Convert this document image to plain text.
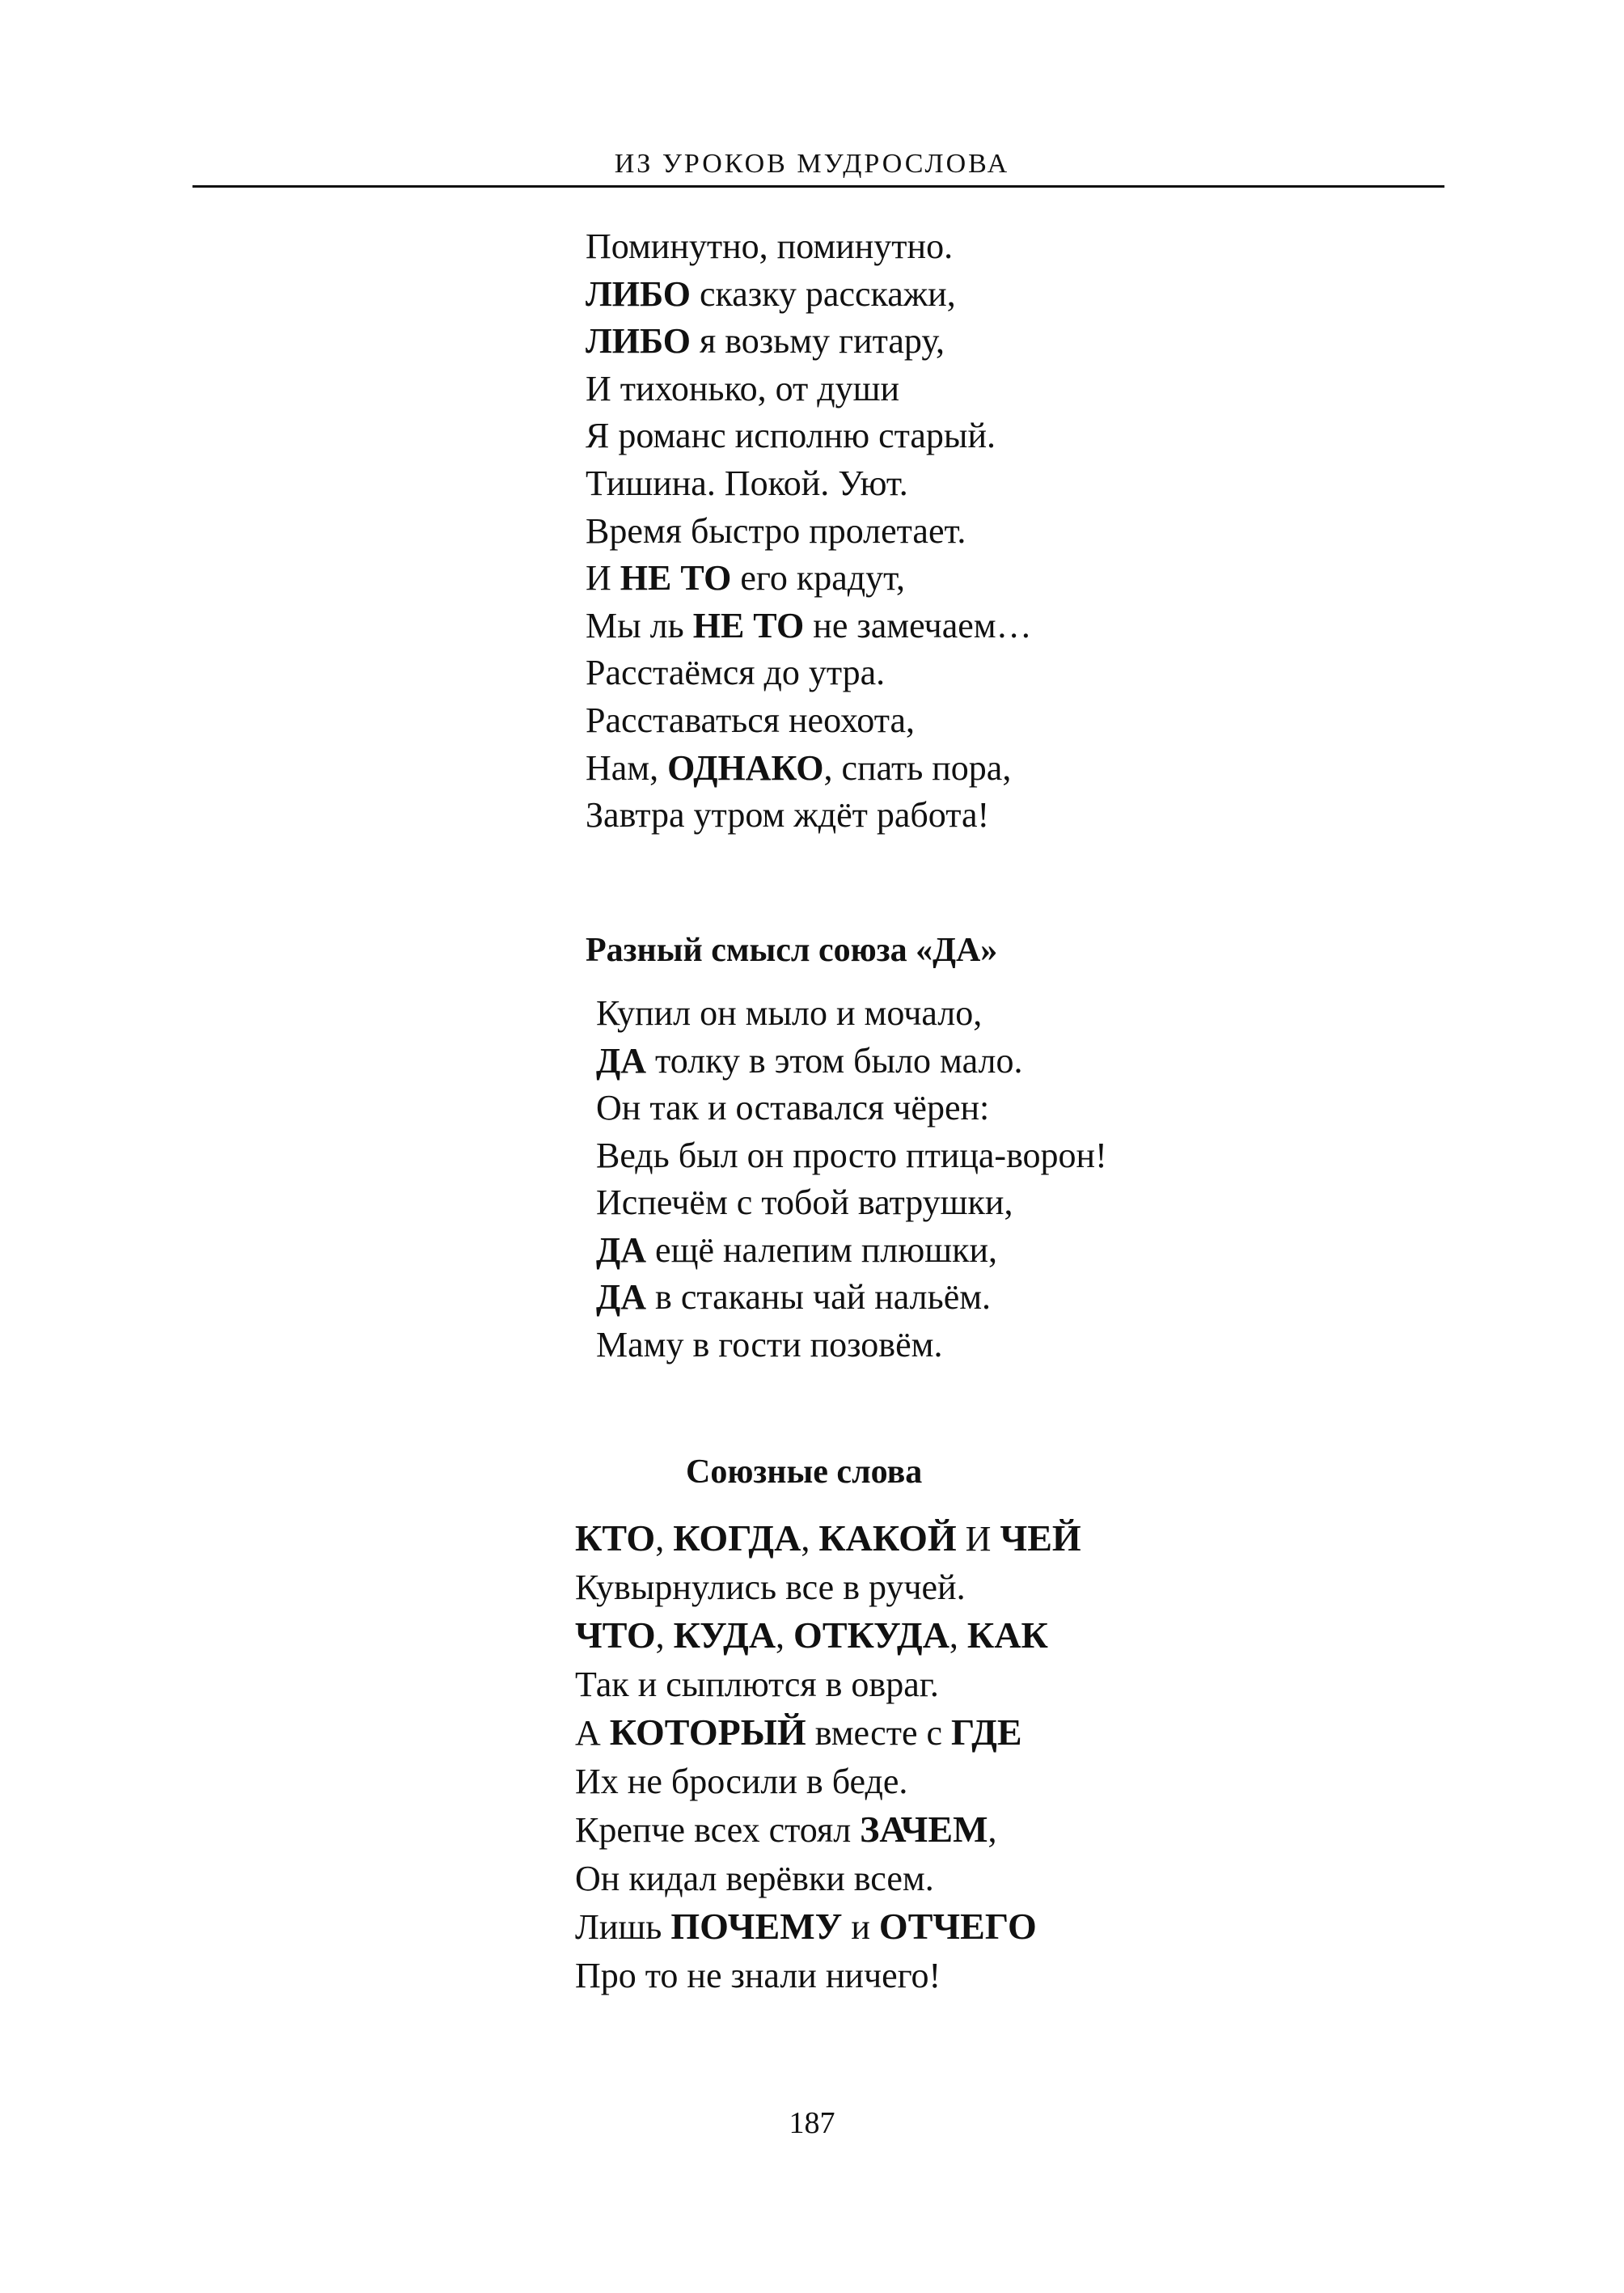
ИЗ УРОКОВ МУДРОСЛОВА
Поминутно, поминутно.
ЛИБО сказку расскажи,
ЛИБО я возьму гитару,
И тихонько, от души
Я романс исполню старый.
Тишина. Покой. Уют.
Время быстро пролетает.
И НЕ ТО его крадут,
Мы ль НЕ ТО не замечаем…
Расстаёмся до утра.
Расставаться неохота,
Нам, ОДНАКО, спать пора,
Завтра утром ждёт работа!
Разный смысл союза «ДА»
Купил он мыло и мочало,
ДА толку в этом было мало.
Он так и оставался чёрен:
Ведь был он просто птица-ворон!
Испечём с тобой ватрушки,
ДА ещё налепим плюшки,
ДА в стаканы чай нальём.
Маму в гости позовём.
Союзные слова
КТО, КОГДА, КАКОЙ И ЧЕЙ
Кувырнулись все в ручей.
ЧТО, КУДА, ОТКУДА, КАК
Так и сыплются в овраг.
А КОТОРЫЙ вместе с ГДЕ
Их не бросили в беде.
Крепче всех стоял ЗАЧЕМ,
Он кидал верёвки всем.
Лишь ПОЧЕМУ и ОТЧЕГО
Про то не знали ничего!
187
